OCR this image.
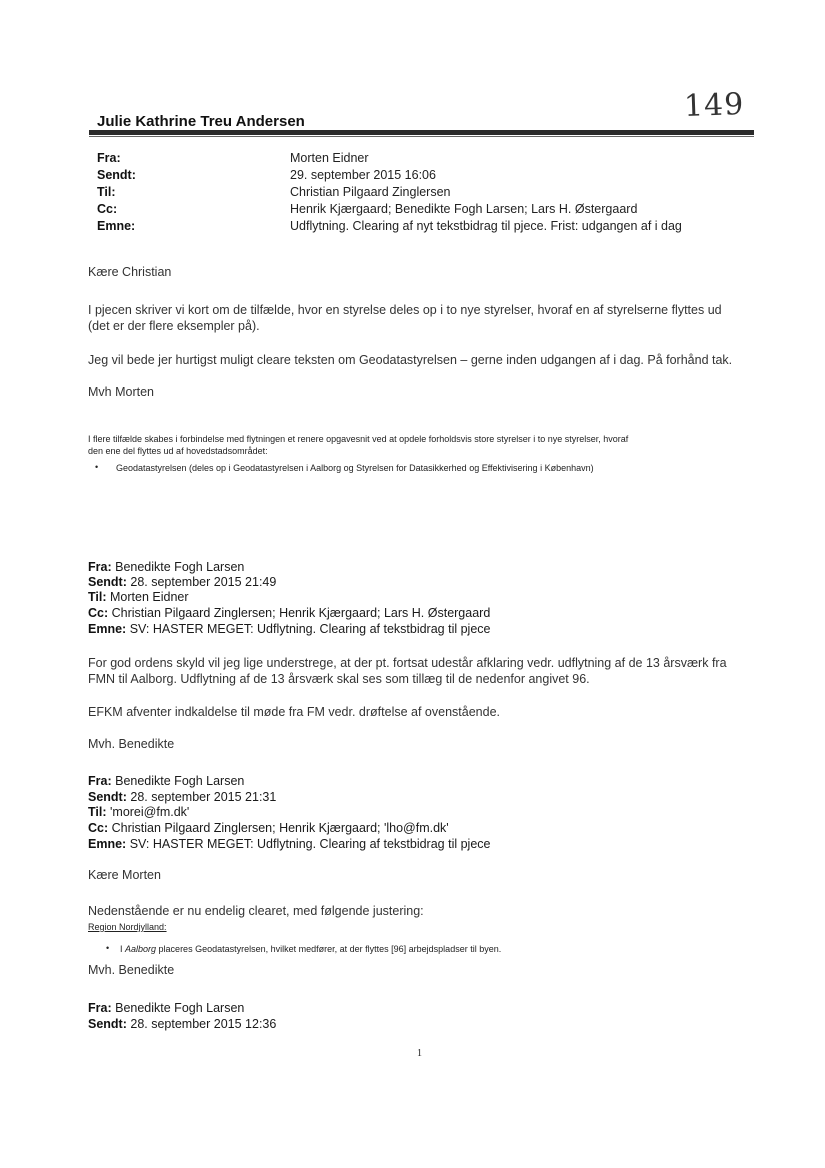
149
Julie Kathrine Treu Andersen
Fra:	Morten Eidner
Sendt:	29. september 2015 16:06
Til:	Christian Pilgaard Zinglersen
Cc:	Henrik Kjærgaard; Benedikte Fogh Larsen; Lars H. Østergaard
Emne:	Udflytning. Clearing af nyt tekstbidrag til pjece. Frist: udgangen af i dag
Kære Christian
I pjecen skriver vi kort om de tilfælde, hvor en styrelse deles op i to nye styrelser, hvoraf en af styrelserne flyttes ud
(det er der flere eksempler på).
Jeg vil bede jer hurtigst muligt cleare teksten om Geodatastyrelsen – gerne inden udgangen af i dag. På forhånd tak.
Mvh Morten
I flere tilfælde skabes i forbindelse med flytningen et renere opgavesnit ved at opdele forholdsvis store styrelser i to nye styrelser, hvoraf
den ene del flyttes ud af hovedstadsområdet:
• Geodatastyrelsen (deles op i Geodatastyrelsen i Aalborg og Styrelsen for Datasikkerhed og Effektivisering i København)
Fra: Benedikte Fogh Larsen
Sendt: 28. september 2015 21:49
Til: Morten Eidner
Cc: Christian Pilgaard Zinglersen; Henrik Kjærgaard; Lars H. Østergaard
Emne: SV: HASTER MEGET: Udflytning. Clearing af tekstbidrag til pjece
For god ordens skyld vil jeg lige understrege, at der pt. fortsat udestår afklaring vedr. udflytning af de 13 årsværk fra
FMN til Aalborg. Udflytning af de 13 årsværk skal ses som tillæg til de nedenfor angivet 96.
EFKM afventer indkaldelse til møde fra FM vedr. drøftelse af ovenstående.
Mvh. Benedikte
Fra: Benedikte Fogh Larsen
Sendt: 28. september 2015 21:31
Til: 'morei@fm.dk'
Cc: Christian Pilgaard Zinglersen; Henrik Kjærgaard; 'lho@fm.dk'
Emne: SV: HASTER MEGET: Udflytning. Clearing af tekstbidrag til pjece
Kære Morten
Nedenstående er nu endelig clearet, med følgende justering:
Region Nordjylland:
• I Aalborg placeres Geodatastyrelsen, hvilket medfører, at der flyttes [96] arbejdspladser til byen.
Mvh. Benedikte
Fra: Benedikte Fogh Larsen
Sendt: 28. september 2015 12:36
1
